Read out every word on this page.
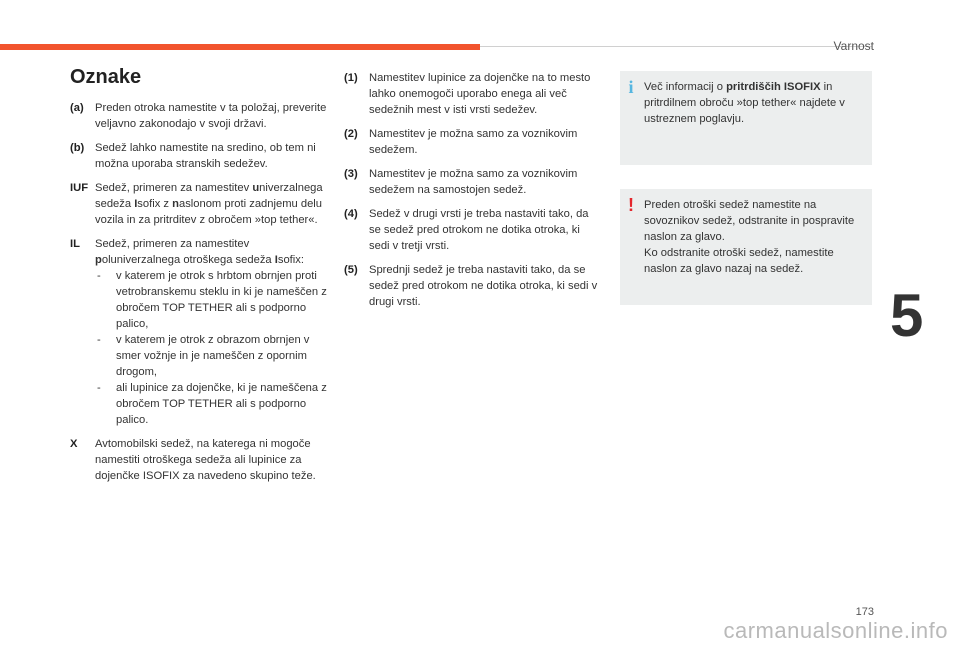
Varnost
Oznake
(a)	Preden otroka namestite v ta položaj, preverite veljavno zakonodajo v svoji državi.
(b) Sedež lahko namestite na sredino, ob tem ni možna uporaba stranskih sedežev.
IUF Sedež, primeren za namestitev univerzalnega sedeža Isofix z naslonom proti zadnjemu delu vozila in za pritrditev z obročem »top tether«.
IL	Sedež, primeren za namestitev poluniverzalnega otroškega sedeža Isofix:
-	v katerem je otrok s hrbtom obrnjen proti vetrobranskemu steklu in ki je nameščen z obročem TOP TETHER ali s podporno palico,
-	v katerem je otrok z obrazom obrnjen v smer vožnje in je nameščen z opornim drogom,
-	ali lupinice za dojenčke, ki je nameščena z obročem TOP TETHER ali s podporno palico.
X	Avtomobilski sedež, na katerega ni mogoče namestiti otroškega sedeža ali lupinice za dojenčke ISOFIX za navedeno skupino teže.
(1)	Namestitev lupinice za dojenčke na to mesto lahko onemogoči uporabo enega ali več sedežnih mest v isti vrsti sedežev.
(2)	Namestitev je možna samo za voznikovim sedežem.
(3)	Namestitev je možna samo za voznikovim sedežem na samostojen sedež.
(4)	Sedež v drugi vrsti je treba nastaviti tako, da se sedež pred otrokom ne dotika otroka, ki sedi v tretji vrsti.
(5)	Sprednji sedež je treba nastaviti tako, da se sedež pred otrokom ne dotika otroka, ki sedi v drugi vrsti.
i Več informacij o pritrdiščih ISOFIX in pritrdilnem obroču »top tether« najdete v ustreznem poglavju.
! Preden otroški sedež namestite na sovoznikov sedež, odstranite in pospravite naslon za glavo.
Ko odstranite otroški sedež, namestite naslon za glavo nazaj na sedež.
5
173
carmanualsonline.info
